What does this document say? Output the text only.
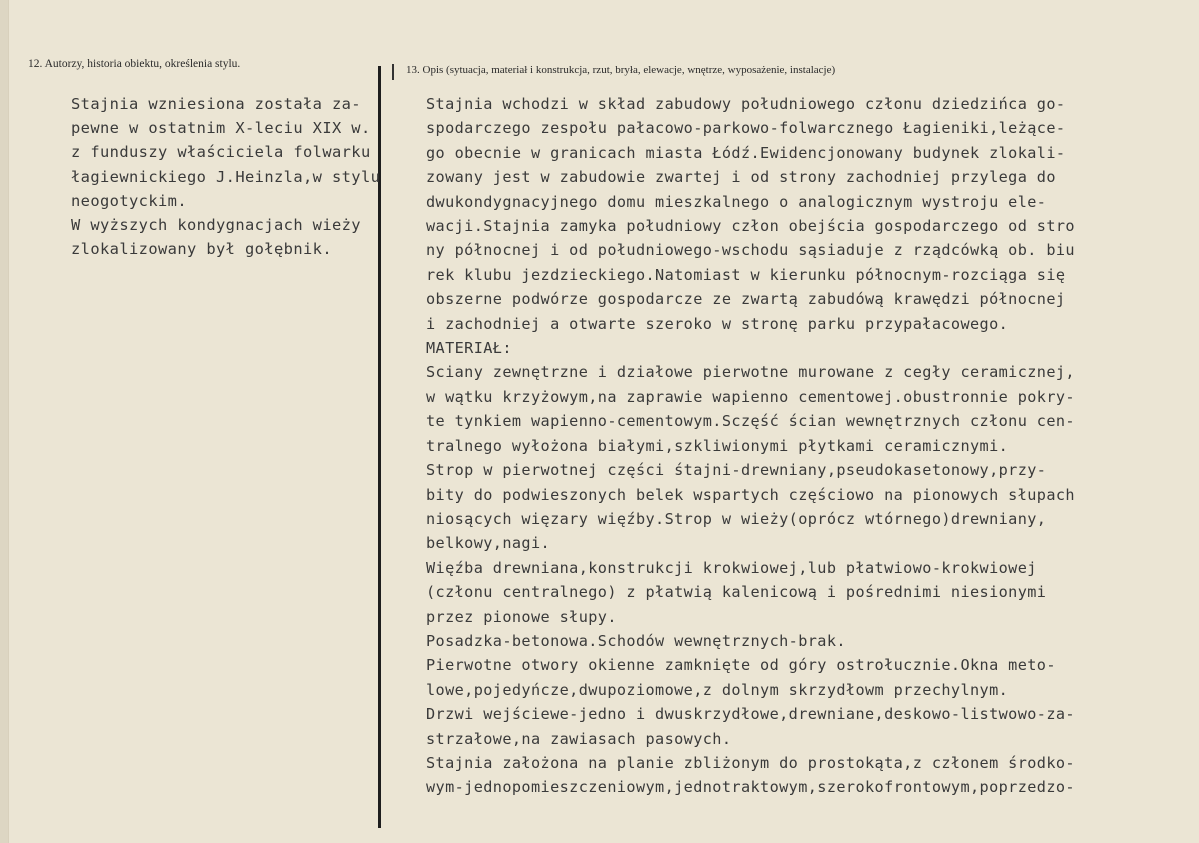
12. Autorzy, historia obiektu, określenia stylu.	13. Opis (sytuacja, materiał i konstrukcja, rzut, bryła, elewacje, wnętrze, wyposażenie, instalacje)
Stajnia wzniesiona została za-
pewne w ostatnim X-leciu XIX w.
z funduszy właściciela folwarku
łagiewnickiego J.Heinzla,w stylu
neogotyckim.
W wyższych kondygnacjach wieży
zlokalizowany był gołębnik.
Stajnia wchodzi w skład zabudowy południowego członu dziedzińca go-
spodarczego zespołu pałacowo-parkowo-folwarcznego Łagieniki,leżące-
go obecnie w granicach miasta Łódź.Ewidencjonowany budynek zlokali-
zowany jest w zabudowie zwartej i od strony zachodniej przylega do
dwukondygnacyjnego domu mieszkalnego o analogicznym wystroju ele-
wacji.Stajnia zamyka południowy człon obejścia gospodarczego od stro
ny północnej i od południowego-wschodu sąsiaduje z rządcówką ob. biu
rek klubu jezdzieckiego.Natomiast w kierunku północnym-rozciąga się
obszerne podwórze gospodarcze ze zwartą zabudówą krawędzi północnej
i zachodniej a otwarte szeroko w stronę parku przypałacowego.
MATERIAŁ:
Sciany zewnętrzne i działowe pierwotne murowane z cegły ceramicznej,
w wątku krzyżowym,na zaprawie wapienno cementowej.obustronnie pokry-
te tynkiem wapienno-cementowym.Sczęść ścian wewnętrznych członu cen-
tralnego wyłożona białymi,szkliwionymi płytkami ceramicznymi.
Strop w pierwotnej części śtajni-drewniany,pseudokasetonowy,przy-
bity do podwieszonych belek wspartych częściowo na pionowych słupach
niosących więzary więźby.Strop w wieży(oprócz wtórnego)drewniany,
belkowy,nagi.
Więźba drewniana,konstrukcji krokwiowej,lub płatwiowo-krokwiowej
(członu centralnego) z płatwią kalenicową i pośrednimi niesionymi
przez pionowe słupy.
Posadzka-betonowa.Schodów wewnętrznych-brak.
Pierwotne otwory okienne zamknięte od góry ostrołucznie.Okna meto-
lowe,pojedyńcze,dwupoziomowe,z dolnym skrzydłowm przechylnym.
Drzwi wejściewe-jedno i dwuskrzydłowe,drewniane,deskowo-listwowo-za-
strzałowe,na zawiasach pasowych.
Stajnia założona na planie zbliżonym do prostokąta,z członem środko-
wym-jednopomieszczeniowym,jednotraktowym,szerokofrontowym,poprzedzo-
